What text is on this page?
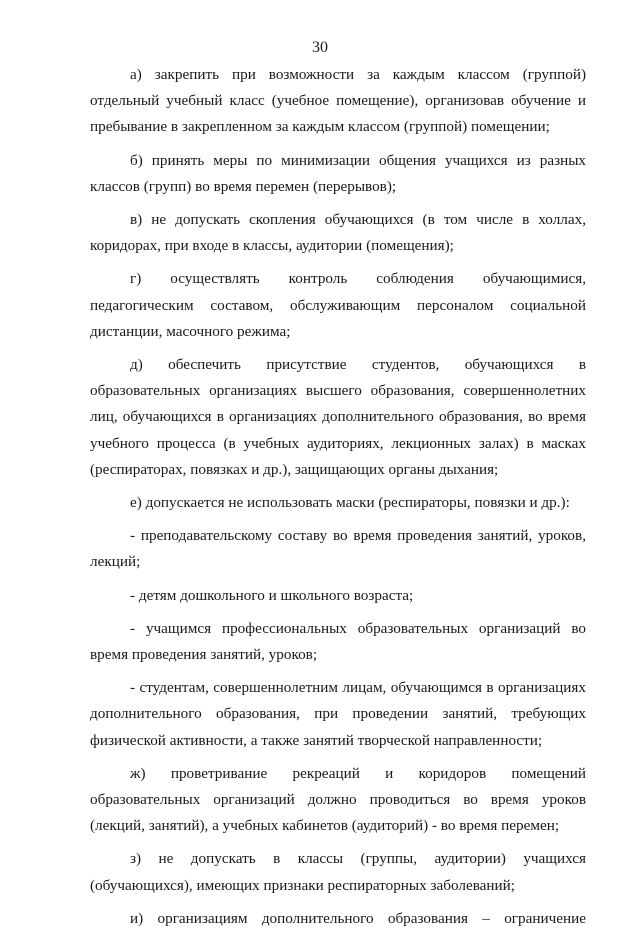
30

а) закрепить при возможности за каждым классом (группой) отдельный учебный класс (учебное помещение), организовав обучение и пребывание в закрепленном за каждым классом (группой) помещении;

б) принять меры по минимизации общения учащихся из разных классов (групп) во время перемен (перерывов);

в) не допускать скопления обучающихся (в том числе в холлах, коридорах, при входе в классы, аудитории (помещения);

г) осуществлять контроль соблюдения обучающимися, педагогическим составом, обслуживающим персоналом социальной дистанции, масочного режима;

д) обеспечить присутствие студентов, обучающихся в образовательных организациях высшего образования, совершеннолетних лиц, обучающихся в организациях дополнительного образования, во время учебного процесса (в учебных аудиториях, лекционных залах) в масках (респираторах, повязках и др.), защищающих органы дыхания;

е) допускается не использовать маски (респираторы, повязки и др.):

- преподавательскому составу во время проведения занятий, уроков, лекций;

- детям дошкольного и школьного возраста;

- учащимся профессиональных образовательных организаций во время проведения занятий, уроков;

- студентам, совершеннолетним лицам, обучающимся в организациях дополнительного образования, при проведении занятий, требующих физической активности, а также занятий творческой направленности;

ж) проветривание рекреаций и коридоров помещений образовательных организаций должно проводиться во время уроков (лекций, занятий), а учебных кабинетов (аудиторий) - во время перемен;

з) не допускать в классы (группы, аудитории) учащихся (обучающихся), имеющих признаки респираторных заболеваний;

и) организациям дополнительного образования – ограничение
